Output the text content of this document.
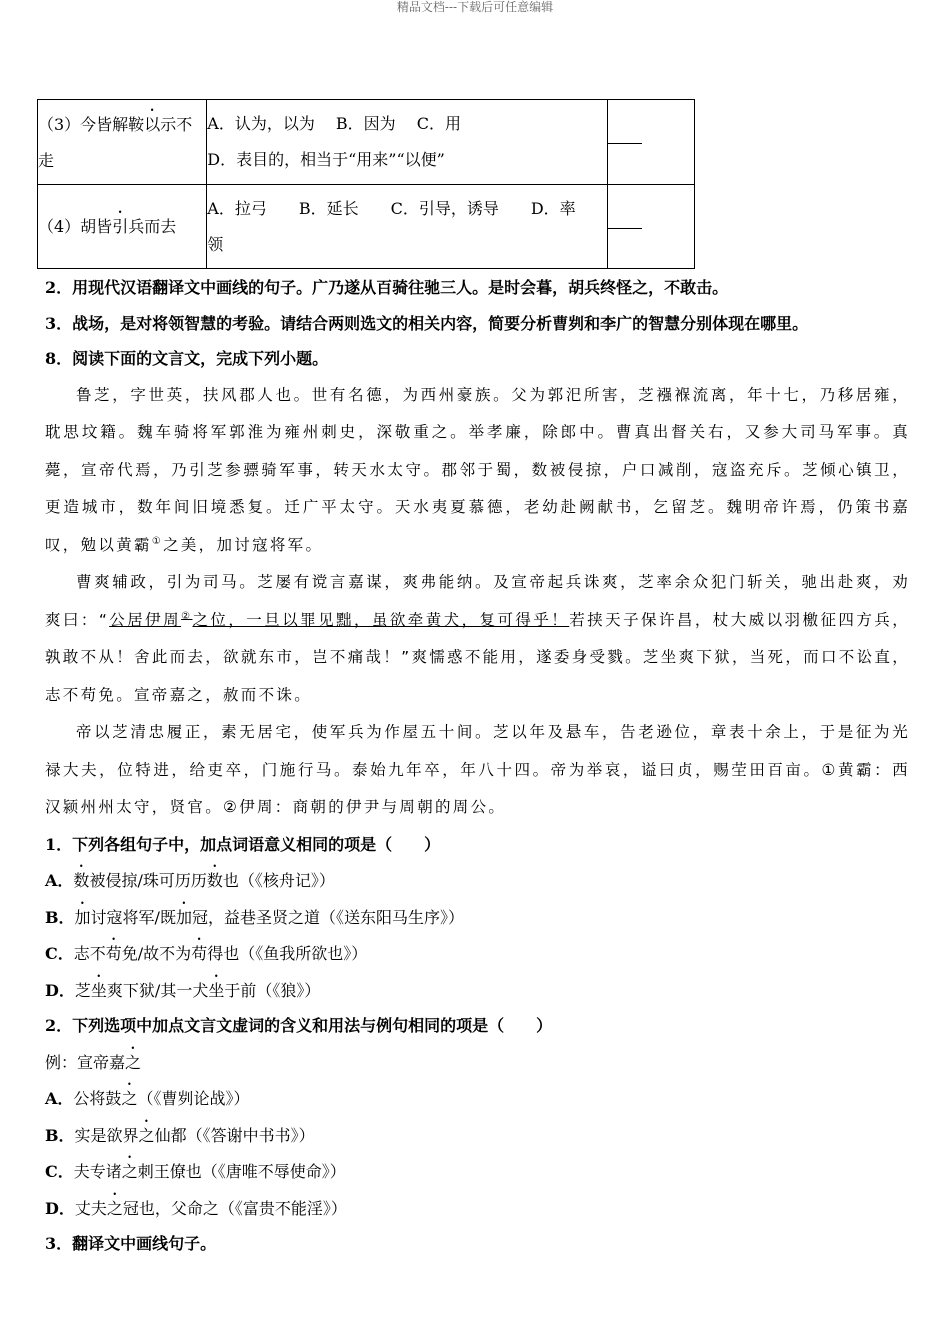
精品文档---下载后可任意编辑
（3）今皆解鞍以示不走	A．认为，以为　 B．因为　 C．用
D．表目的，相当于“用来”“以便”	

（4）胡皆引兵而去	A．拉弓　　B．延长　　C．引导，诱导　　D．率
领	

2．用现代汉语翻译文中画线的句子。广乃遂从百骑往驰三人。是时会暮，胡兵终怪之，不敢击。

3．战场，是对将领智慧的考验。请结合两则选文的相关内容，简要分析曹刿和李广的智慧分别体现在哪里。

8．阅读下面的文言文，完成下列小题。

鲁芝，字世英，扶风郡人也。世有名德，为西州豪族。父为郭汜所害，芝襁褓流离，年十七，乃移居雍，耽思坟籍。魏车骑将军郭淮为雍州刺史，深敬重之。举孝廉，除郎中。曹真出督关右，又参大司马军事。真薨，宣帝代焉，乃引芝参骠骑军事，转天水太守。郡邻于蜀，数被侵掠，户口减削，寇盗充斥。芝倾心镇卫，更造城市，数年间旧境悉复。迁广平太守。天水夷夏慕德，老幼赴阙献书，乞留芝。魏明帝许焉，仍策书嘉叹，勉以黄霸①之美，加讨寇将军。

曹爽辅政，引为司马。芝屡有谠言嘉谋，爽弗能纳。及宣帝起兵诛爽，芝率余众犯门斩关，驰出赴爽，劝爽曰：“公居伊周②之位，一旦以罪见黜，虽欲牵黄犬，复可得乎！若挟天子保许昌，杖大威以羽檄征四方兵，孰敢不从！舍此而去，欲就东市，岂不痛哉！”爽懦惑不能用，遂委身受戮。芝坐爽下狱，当死，而口不讼直，志不苟免。宣帝嘉之，赦而不诛。

帝以芝清忠履正，素无居宅，使军兵为作屋五十间。芝以年及悬车，告老逊位，章表十余上，于是征为光禄大夫，位特进，给吏卒，门施行马。泰始九年卒，年八十四。帝为举哀，谥曰贞，赐茔田百亩。①黄霸：西汉颍州州太守，贤官。②伊周：商朝的伊尹与周朝的周公。

1．下列各组句子中，加点词语意义相同的项是（　　）

A．数被侵掠/珠可历历数也（《核舟记》）

B．加讨寇将军/既加冠，益巷圣贤之道（《送东阳马生序》）

C．志不苟免/故不为苟得也（《鱼我所欲也》）

D．芝坐爽下狱/其一犬坐于前（《狼》）

2．下列选项中加点文言文虚词的含义和用法与例句相同的项是（　　）

例：宣帝嘉之

A．公将鼓之（《曹刿论战》）

B．实是欲界之仙都（《答谢中书书》）

C．夫专诸之刺王僚也（《唐唯不辱使命》）

D．丈夫之冠也，父命之（《富贵不能淫》）

3．翻译文中画线句子。
